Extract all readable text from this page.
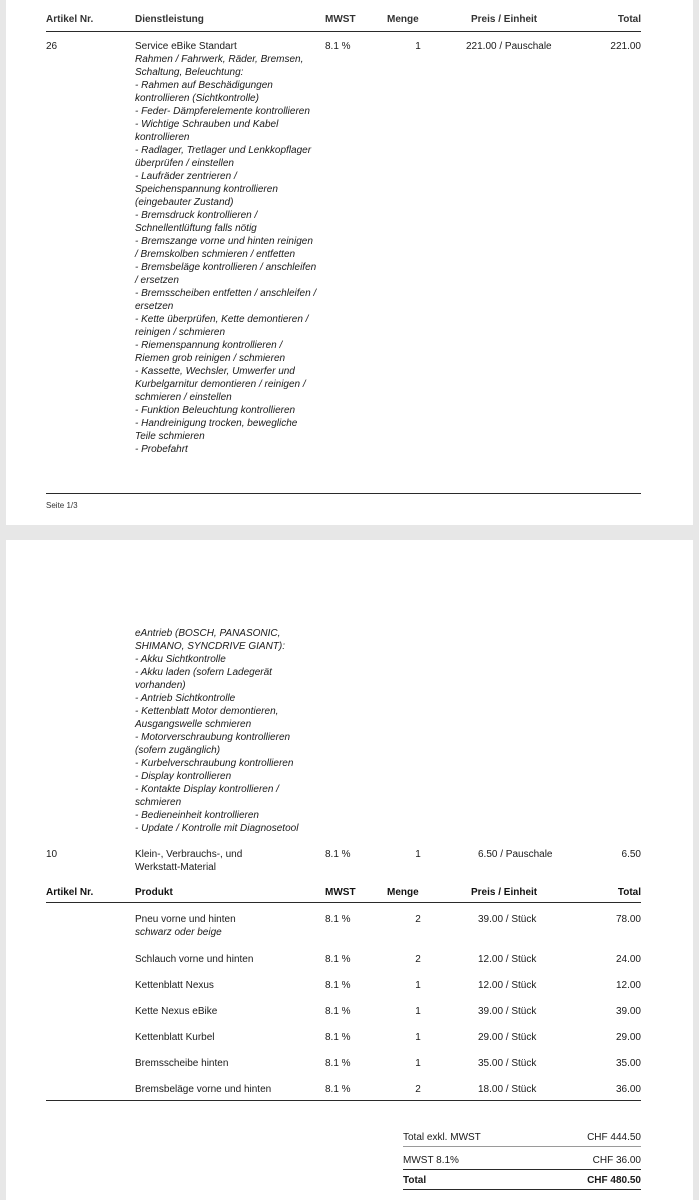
Artikel Nr.	Dienstleistung	MWST	Menge	Preis / Einheit	Total
26	Service eBike Standart
Rahmen / Fahrwerk, Räder, Bremsen,
Schaltung, Beleuchtung:
- Rahmen auf Beschädigungen
kontrollieren (Sichtkontrolle)
- Feder- Dämpferelemente kontrollieren
- Wichtige Schrauben und Kabel
kontrollieren
- Radlager, Tretlager und Lenkkopflager
überprüfen / einstellen
- Laufräder zentrieren /
Speichenspannung kontrollieren
(eingebauter Zustand)
- Bremsdruck kontrollieren /
Schnellentlüftung falls nötig
- Bremszange vorne und hinten reinigen
/ Bremskolben schmieren / entfetten
- Bremsbeläge kontrollieren / anschleifen
/ ersetzen
- Bremsscheiben entfetten / anschleifen /
ersetzen
- Kette überprüfen, Kette demontieren /
reinigen / schmieren
- Riemenspannung kontrollieren /
Riemen grob reinigen / schmieren
- Kassette, Wechsler, Umwerfer und
Kurbelgarnitur demontieren / reinigen /
schmieren / einstellen
- Funktion Beleuchtung kontrollieren
- Handreinigung trocken, bewegliche
Teile schmieren
- Probefahrt
8.1 %	1	221.00 / Pauschale	221.00
Seite 1/3
eAntrieb (BOSCH, PANASONIC,
SHIMANO, SYNCDRIVE GIANT):
- Akku Sichtkontrolle
- Akku laden (sofern Ladegerät
vorhanden)
- Antrieb Sichtkontrolle
- Kettenblatt Motor demontieren,
Ausgangswelle schmieren
- Motorverschraubung kontrollieren
(sofern zugänglich)
- Kurbelverschraubung kontrollieren
- Display kontrollieren
- Kontakte Display kontrollieren /
schmieren
- Bedieneinheit kontrollieren
- Update / Kontrolle mit Diagnosetool
10	Klein-, Verbrauchs-, und
Werkstatt-Material
8.1 %	1	6.50 / Pauschale	6.50
Artikel Nr.	Produkt	MWST	Menge	Preis / Einheit	Total
Pneu vorne und hinten
schwarz oder beige
8.1 %	2	39.00 / Stück	78.00
Schlauch vorne und hinten	8.1 %	2	12.00 / Stück	24.00
Kettenblatt Nexus	8.1 %	1	12.00 / Stück	12.00
Kette Nexus eBike	8.1 %	1	39.00 / Stück	39.00
Kettenblatt Kurbel	8.1 %	1	29.00 / Stück	29.00
Bremsscheibe hinten	8.1 %	1	35.00 / Stück	35.00
Bremsbeläge vorne und hinten	8.1 %	2	18.00 / Stück	36.00
Total exkl. MWST	CHF 444.50
MWST 8.1%	CHF 36.00
Total	CHF 480.50
